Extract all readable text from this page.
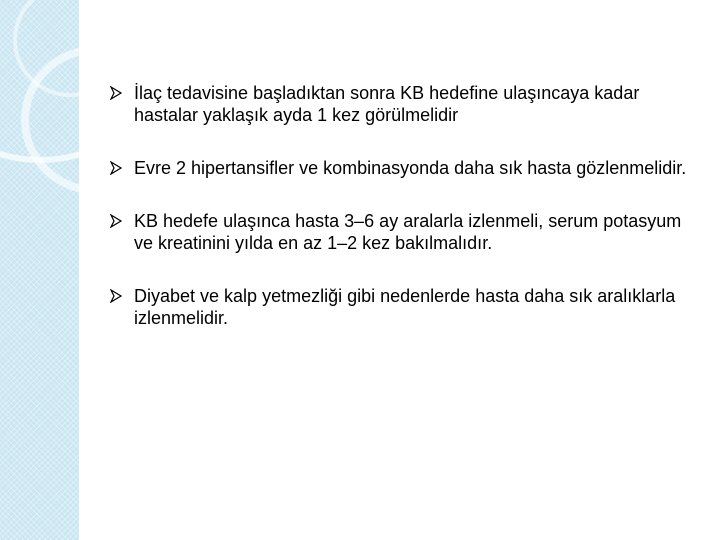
İlaç tedavisine başladıktan sonra KB hedefine ulaşıncaya kadar hastalar yaklaşık ayda 1 kez görülmelidir
Evre 2 hipertansifler ve kombinasyonda daha sık hasta gözlenmelidir.
KB hedefe ulaşınca hasta 3–6 ay aralarla izlenmeli, serum potasyum ve kreatinini yılda en az 1–2 kez bakılmalıdır.
Diyabet ve kalp yetmezliği gibi nedenlerde hasta daha sık aralıklarla izlenmelidir.
